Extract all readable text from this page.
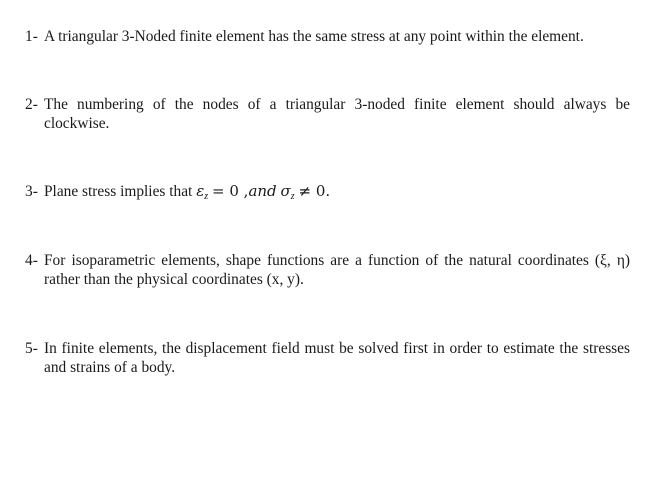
1- A triangular 3-Noded finite element has the same stress at any point within the element.
2- The numbering of the nodes of a triangular 3-noded finite element should always be clockwise.
3- Plane stress implies that $\varepsilon_z = 0$ ,and $\sigma_z \ne 0$.
4- For isoparametric elements, shape functions are a function of the natural coordinates (ξ, η) rather than the physical coordinates (x, y).
5- In finite elements, the displacement field must be solved first in order to estimate the stresses and strains of a body.
